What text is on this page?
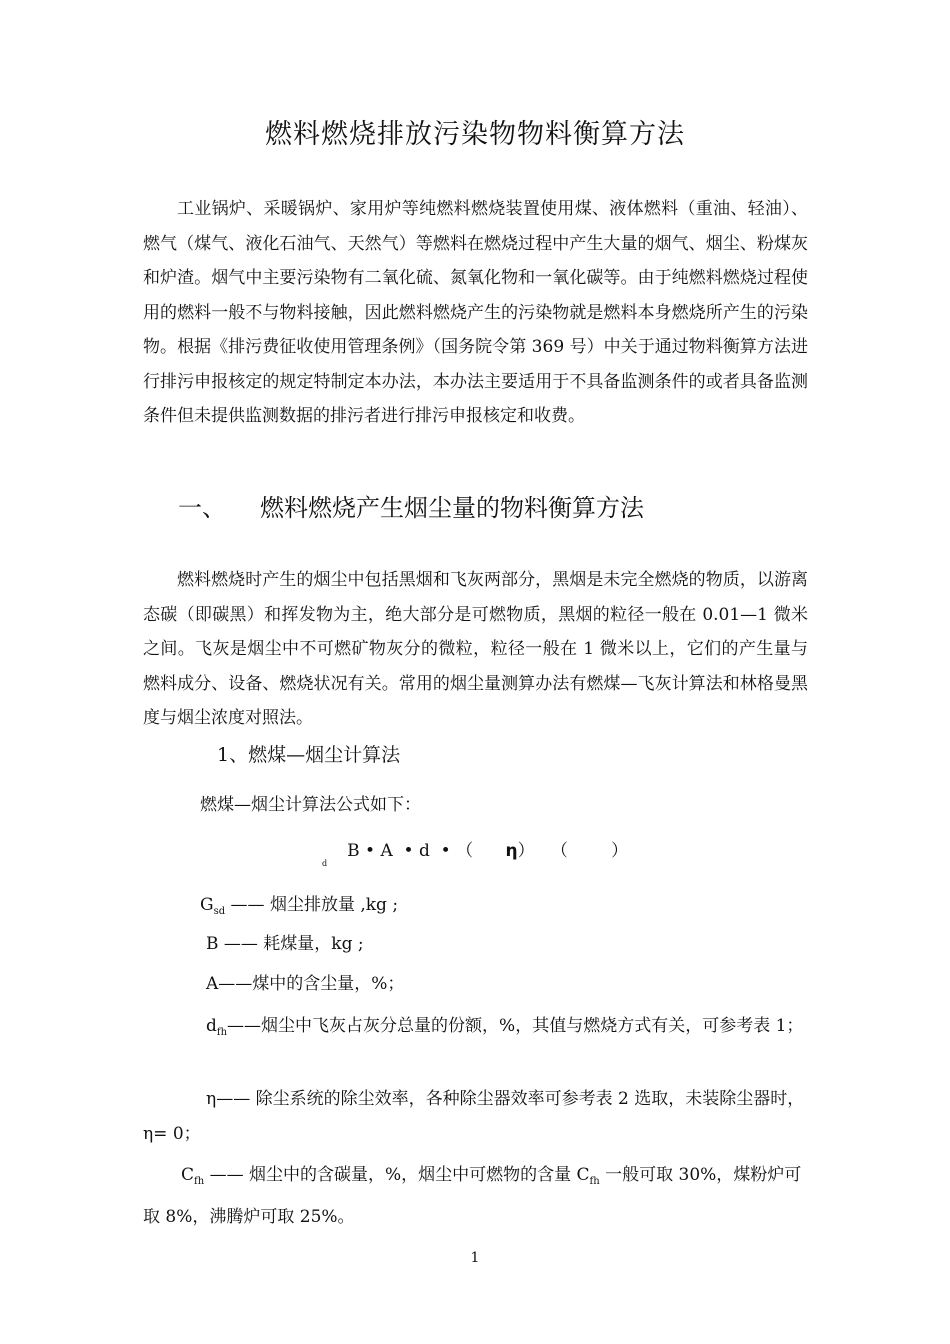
燃料燃烧排放污染物物料衡算方法
工业锅炉、采暖锅炉、家用炉等纯燃料燃烧装置使用煤、液体燃料（重油、轻油）、燃气（煤气、液化石油气、天然气）等燃料在燃烧过程中产生大量的烟气、烟尘、粉煤灰和炉渣。烟气中主要污染物有二氧化硫、氮氧化物和一氧化碳等。由于纯燃料燃烧过程使用的燃料一般不与物料接触，因此燃料燃烧产生的污染物就是燃料本身燃烧所产生的污染物。根据《排污费征收使用管理条例》（国务院令第 369 号）中关于通过物料衡算方法进行排污申报核定的规定特制定本办法，本办法主要适用于不具备监测条件的或者具备监测条件但未提供监测数据的排污者进行排污申报核定和收费。
一、 燃料燃烧产生烟尘量的物料衡算方法
燃料燃烧时产生的烟尘中包括黑烟和飞灰两部分，黑烟是未完全燃烧的物质，以游离态碳（即碳黑）和挥发物为主，绝大部分是可燃物质，黑烟的粒径一般在 0.01—1 微米之间。飞灰是烟尘中不可燃矿物灰分的微粒，粒径一般在 1 微米以上，它们的产生量与燃料成分、设备、燃烧状况有关。常用的烟尘量测算办法有燃煤—飞灰计算法和林格曼黑度与烟尘浓度对照法。
1、燃煤—烟尘计算法
燃煤—烟尘计算法公式如下：
$_d$B • A  • d  • （ η）   （        ）
$G_{sd}$ —— 烟尘排放量 ,kg ;
B —— 耗煤量，kg ;
A——煤中的含尘量，%；
$d_{fh}——$烟尘中飞灰占灰分总量的份额，%，其值与燃烧方式有关，可参考表 1；
η—— 除尘系统的除尘效率，各种除尘器效率可参考表 2 选取，未装除尘器时，η= 0；
$C_{fh}$ —— 烟尘中的含碳量，%，烟尘中可燃物的含量 $C_{fh}$ 一般可取 30%，煤粉炉可取 8%，沸腾炉可取 25%。
1
